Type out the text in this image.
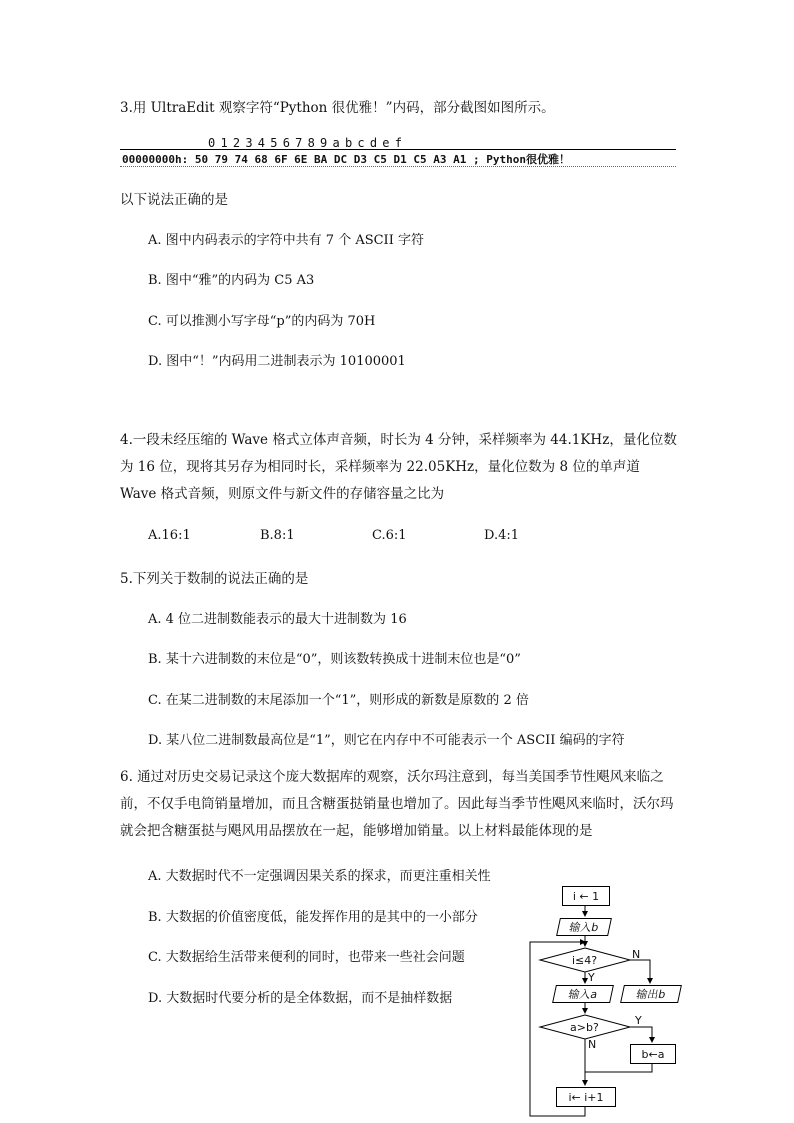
3.用 UltraEdit 观察字符“Python 很优雅！”内码，部分截图如图所示。
0 1 2 3 4 5 6 7 8 9 a b c d e f
00000000h: 50 79 74 68 6F 6E BA DC D3 C5 D1 C5 A3 A1 ; Python很优雅！
以下说法正确的是
A. 图中内码表示的字符中共有 7 个 ASCII 字符
B. 图中“雅”的内码为 C5 A3
C. 可以推测小写字母“p”的内码为 70H
D. 图中“！”内码用二进制表示为 10100001
4.一段未经压缩的 Wave 格式立体声音频，时长为 4 分钟，采样频率为 44.1KHz，量化位数为 16 位，现将其另存为相同时长，采样频率为 22.05KHz，量化位数为 8 位的单声道 Wave 格式音频，则原文件与新文件的存储容量之比为
A.16:1	B.8:1	C.6:1	D.4:1
5.下列关于数制的说法正确的是
A. 4 位二进制数能表示的最大十进制数为 16
B. 某十六进制数的末位是“0”，则该数转换成十进制末位也是“0”
C. 在某二进制数的末尾添加一个“1”，则形成的新数是原数的 2 倍
D. 某八位二进制数最高位是“1”，则它在内存中不可能表示一个 ASCII 编码的字符
6. 通过对历史交易记录这个庞大数据库的观察，沃尔玛注意到，每当美国季节性飓风来临之前，不仅手电筒销量增加，而且含糖蛋挞销量也增加了。因此每当季节性飓风来临时，沃尔玛就会把含糖蛋挞与飓风用品摆放在一起，能够增加销量。以上材料最能体现的是
A. 大数据时代不一定强调因果关系的探求，而更注重相关性
B. 大数据的价值密度低，能发挥作用的是其中的一小部分
C. 大数据给生活带来便利的同时，也带来一些社会问题
D. 大数据时代要分析的是全体数据，而不是抽样数据
i ← 1
输入b
i≤4?	N
Y
输入a	输出b
a>b?
Y
N
b←a
i← i+1
